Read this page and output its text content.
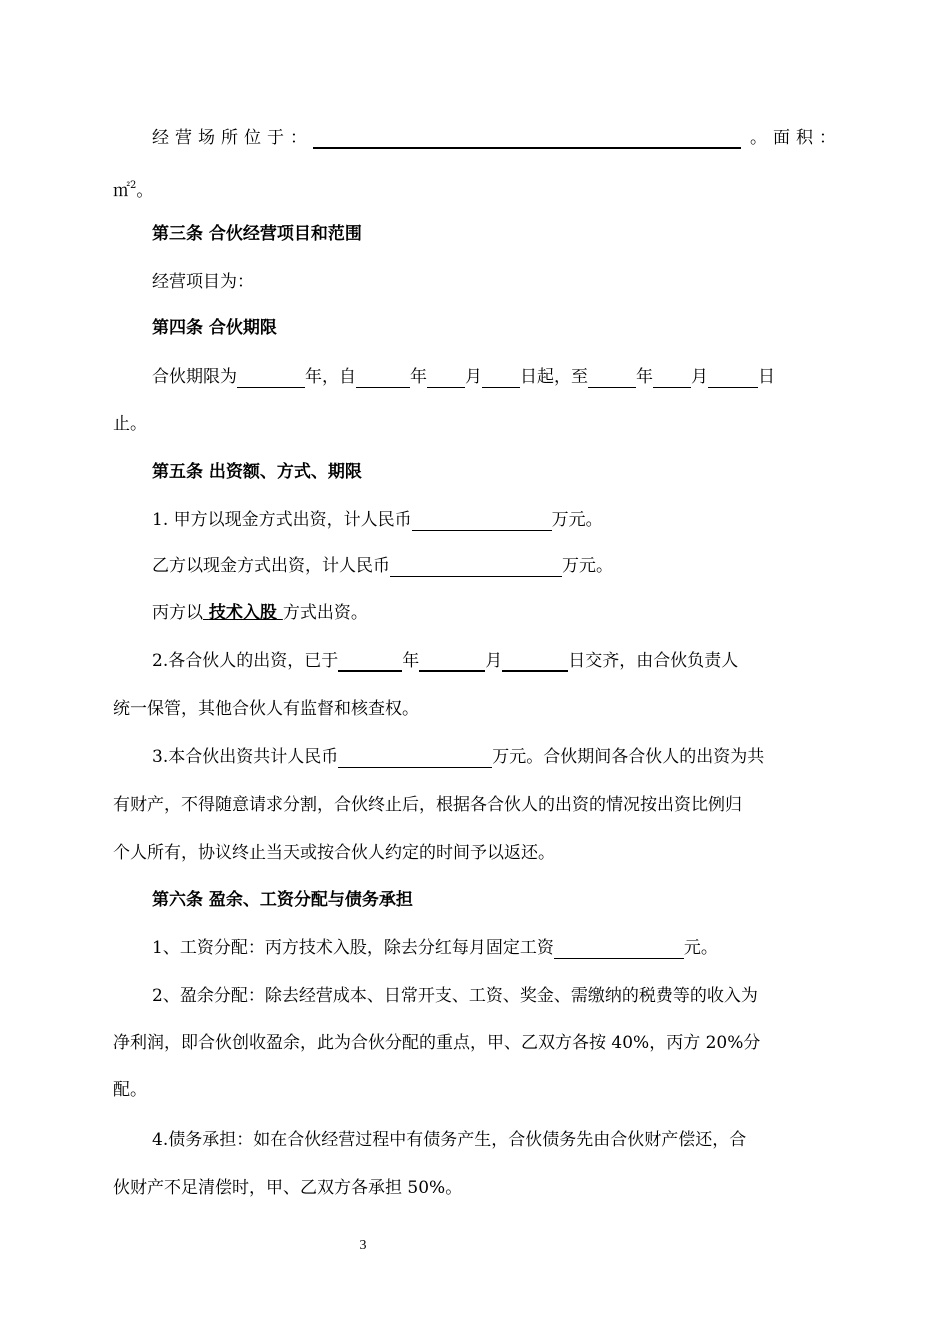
经营场所位于：	。面积：
㎡$^2$。
第三条 合伙经营项目和范围
经营项目为：
第四条 合伙期限
合伙期限为	年，自	年 月 日起，至	年 月	日
止。
第五条 出资额、方式、期限
1. 甲方以现金方式出资，计人民币	万元。
乙方以现金方式出资，计人民币	万元。
丙方以 技术入股 方式出资。
2.各合伙人的出资，已于	年	月	日交齐，由合伙负责人
统一保管，其他合伙人有监督和核查权。
3.本合伙出资共计人民币	万元。合伙期间各合伙人的出资为共
有财产，不得随意请求分割，合伙终止后，根据各合伙人的出资的情况按出资比例归
个人所有，协议终止当天或按合伙人约定的时间予以返还。
第六条 盈余、工资分配与债务承担
1、工资分配：丙方技术入股，除去分红每月固定工资	元。
2、盈余分配：除去经营成本、日常开支、工资、奖金、需缴纳的税费等的收入为
净利润，即合伙创收盈余，此为合伙分配的重点，甲、乙双方各按 40%，丙方 20%分
配。
4.债务承担：如在合伙经营过程中有债务产生，合伙债务先由合伙财产偿还，合
伙财产不足清偿时，甲、乙双方各承担 50%。
3
